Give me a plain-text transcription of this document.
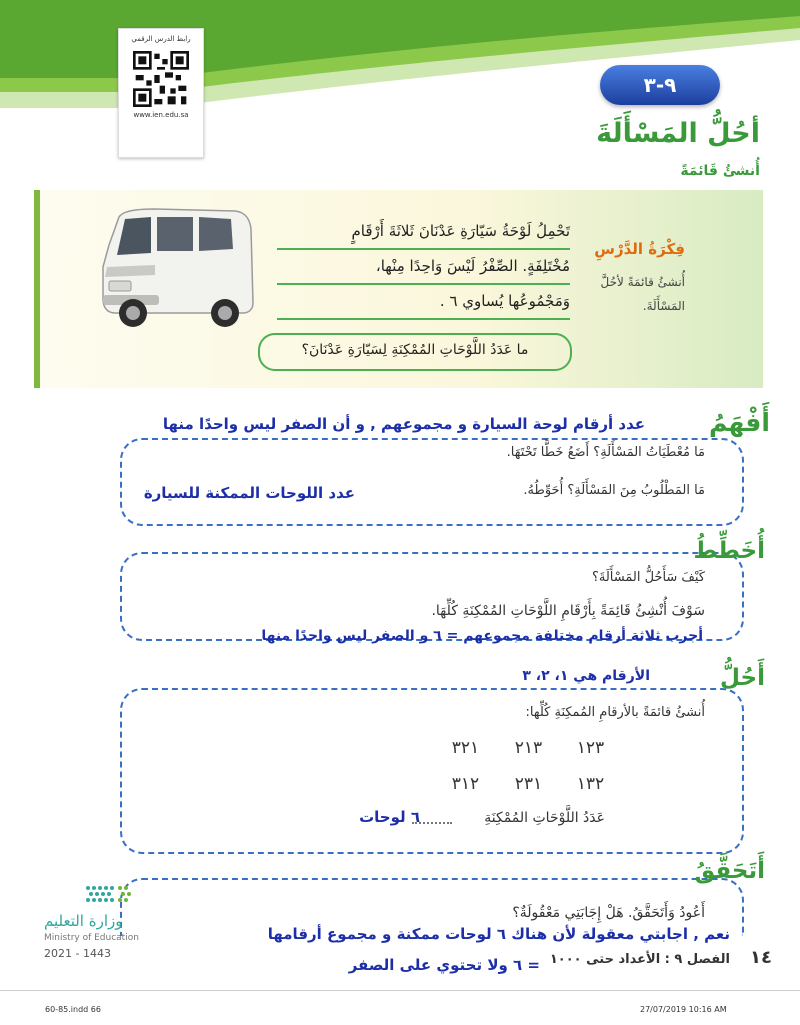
رابط الدرس الرقمي
www.ien.edu.sa
٩-٣
أحُلُّ المَسْأَلَةَ
أُنشئُ قَائمَةً
فِكْرَةُ الدَّرْسِ
أُنشئُ قائمَةً لأحُلَّ المَسْأَلَةَ.
تَحْمِلُ لَوْحَةُ سَيّارَةِ عَدْنَانَ ثَلاثَةَ أَرْقَامٍ
مُخْتَلِفَةٍ. الصِّفْرُ لَيْسَ وَاحِدًا مِنْها،
وَمَجْمُوعُها يُساوي ٦ .
ما عَدَدُ اللَّوْحَاتِ المُمْكِنَةِ لِسَيّارَةِ عَدْنَانَ؟
أَفْهَمُ
عدد أرقام لوحة السيارة و مجموعهم , و أن الصفر ليس واحدًا منها
مَا مُعْطَيَاتُ المَسْأَلَةِ؟ أَضَعُ خَطًّا تَحْتَهَا.
مَا المَطْلُوبُ مِنَ المَسْأَلَةِ؟ أُحَوِّطُهُ.
عدد اللوحات الممكنة للسيارة
أُخَطِّطُ
كَيْفَ سَأَحُلُّ المَسْأَلَةَ؟
سَوْفَ أُنْشِئُ قَائِمَةً بِأَرْقَامِ اللَّوْحَاتِ المُمْكِنَةِ كُلِّهَا.
أجرب ثلاثة أرقام مختلفة مجموعهم = ٦ و الصفر ليس واحدًا منها
أَحُلُّ
الأرقام هي ١، ٢، ٣
أُنشئُ قائمَةً بالأرقامِ المُمكِنَةِ كُلِّها:
١٢٣
٢١٣
٣٢١
١٣٢
٢٣١
٣١٢
عَدَدُ اللَّوْحَاتِ المُمْكِنَةِ
٦ لوحات
أَتَحَقَّقُ
أَعُودُ وَأَتَحَقَّقُ. هَلْ إِجَابَتِي مَعْقُولَةٌ؟
نعم , اجابتي معقولة لأن هناك ٦ لوحات ممكنة و مجموع أرقامها
= ٦ ولا تحتوي على الصفر
وزارة التعليم
Ministry of Education
2021 - 1443	١٤
الفصل ٩ : الأعداد حتى ١٠٠٠
60-85.indd 66	27/07/2019 10:16 AM
